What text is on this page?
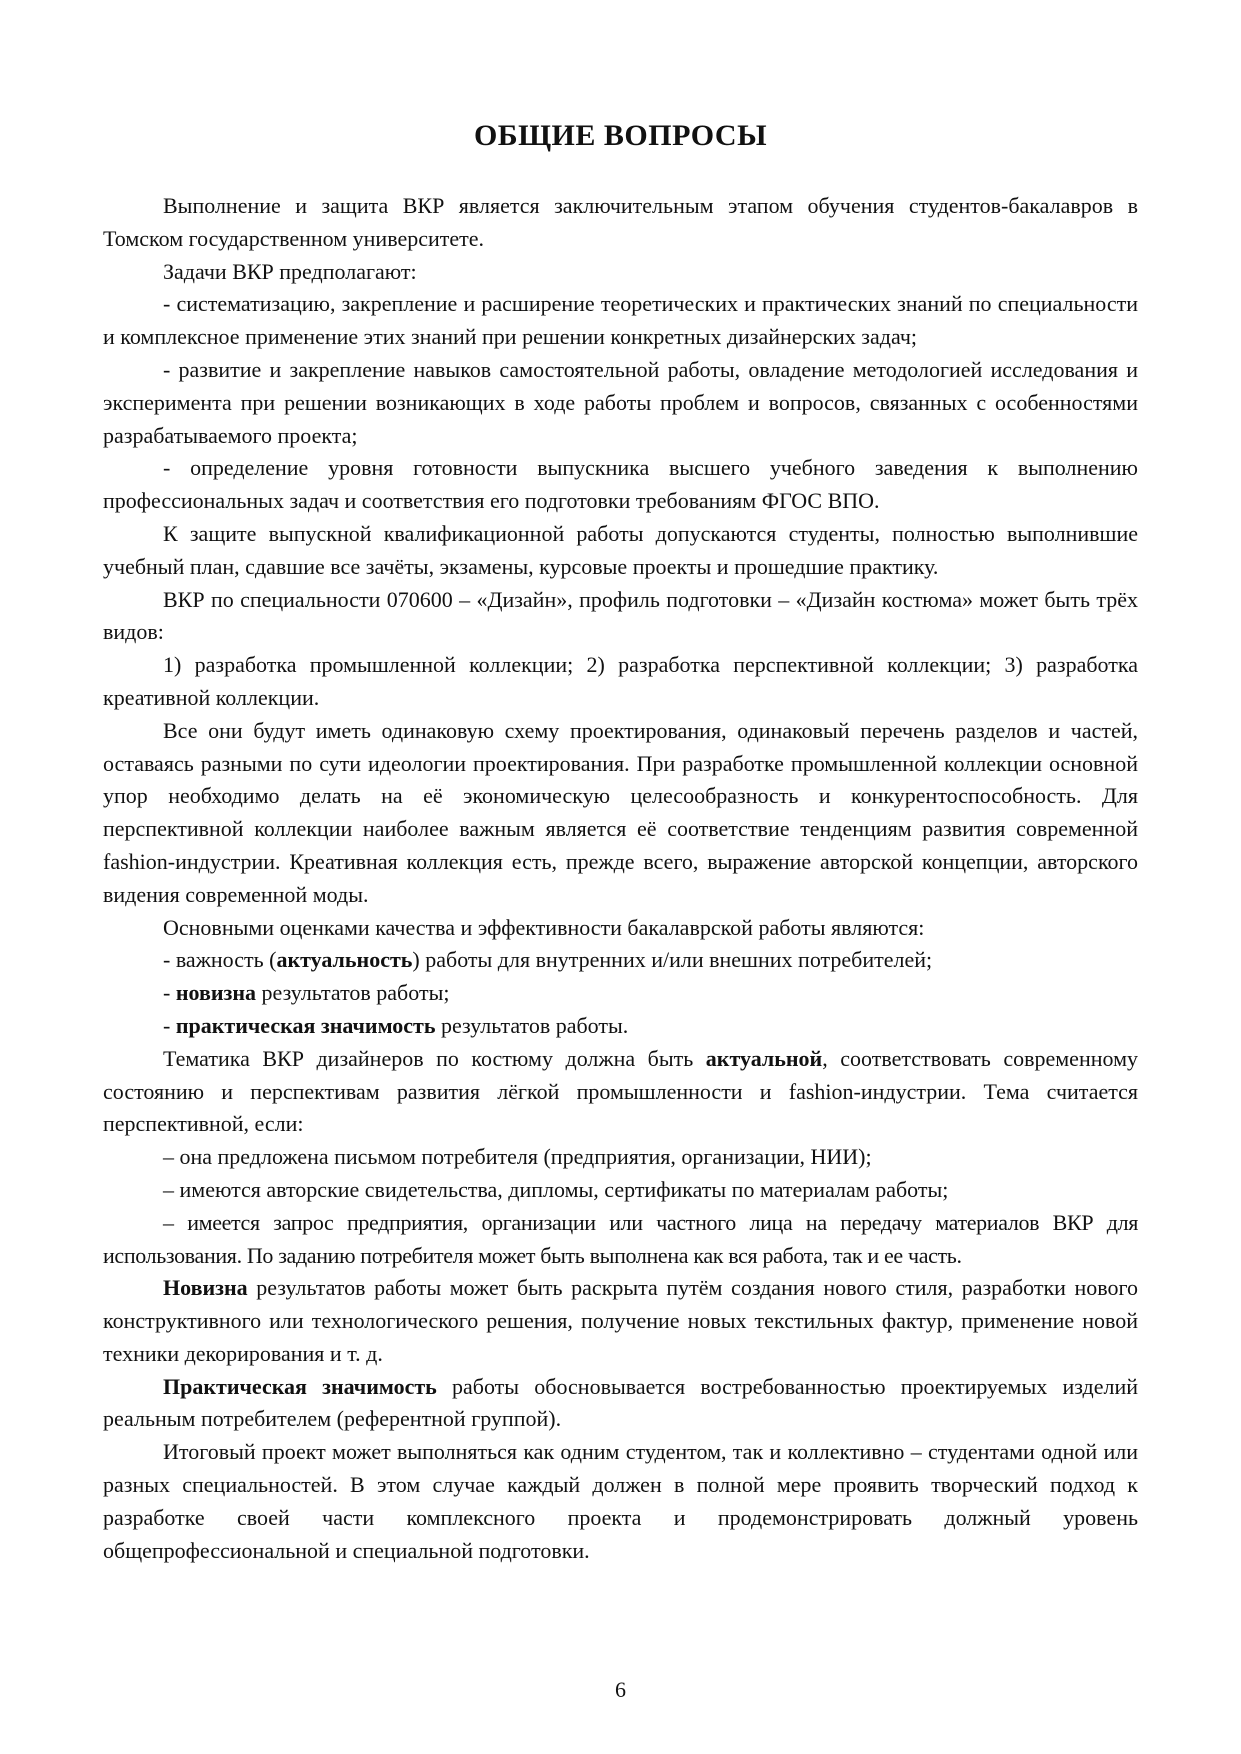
ОБЩИЕ ВОПРОСЫ

Выполнение и защита ВКР является заключительным этапом обучения студентов-бакалавров в Томском государственном университете.

Задачи ВКР предполагают:

- систематизацию, закрепление и расширение теоретических и практических знаний по специальности и комплексное применение этих знаний при решении конкретных дизайнерских задач;

- развитие и закрепление навыков самостоятельной работы, овладение методологией исследования и эксперимента при решении возникающих в ходе работы проблем и вопросов, связанных с особенностями разрабатываемого проекта;

- определение уровня готовности выпускника высшего учебного заведения к выполнению профессиональных задач и соответствия его подготовки требованиям ФГОС ВПО.

К защите выпускной квалификационной работы допускаются студенты, полностью выполнившие учебный план, сдавшие все зачёты, экзамены, курсовые проекты и прошедшие практику.

ВКР по специальности 070600 – «Дизайн», профиль подготовки – «Дизайн костюма» может быть трёх видов:

1) разработка промышленной коллекции; 2) разработка перспективной коллекции; 3) разработка креативной коллекции.

Все они будут иметь одинаковую схему проектирования, одинаковый перечень разделов и частей, оставаясь разными по сути идеологии проектирования. При разработке промышленной коллекции основной упор необходимо делать на её экономическую целесообразность и конкурентоспособность. Для перспективной коллекции наиболее важным является её соответствие тенденциям развития современной fashion-индустрии. Креативная коллекция есть, прежде всего, выражение авторской концепции, авторского видения современной моды.

Основными оценками качества и эффективности бакалаврской работы являются:

- важность (актуальность) работы для внутренних и/или внешних потребителей;

- новизна результатов работы;

- практическая значимость результатов работы.

Тематика ВКР дизайнеров по костюму должна быть актуальной, соответствовать современному состоянию и перспективам развития лёгкой промышленности и fashion-индустрии. Тема считается перспективной, если:

– она предложена письмом потребителя (предприятия, организации, НИИ);

– имеются авторские свидетельства, дипломы, сертификаты по материалам работы;

– имеется запрос предприятия, организации или частного лица на передачу материалов ВКР для использования. По заданию потребителя может быть выполнена как вся работа, так и ее часть.

Новизна результатов работы может быть раскрыта путём создания нового стиля, разработки нового конструктивного или технологического решения, получение новых текстильных фактур, применение новой техники декорирования и т. д.

Практическая значимость работы обосновывается востребованностью проектируемых изделий реальным потребителем (референтной группой).

Итоговый проект может выполняться как одним студентом, так и коллективно – студентами одной или разных специальностей. В этом случае каждый должен в полной мере проявить творческий подход к разработке своей части комплексного проекта и продемонстрировать должный уровень общепрофессиональной и специальной подготовки.

6
